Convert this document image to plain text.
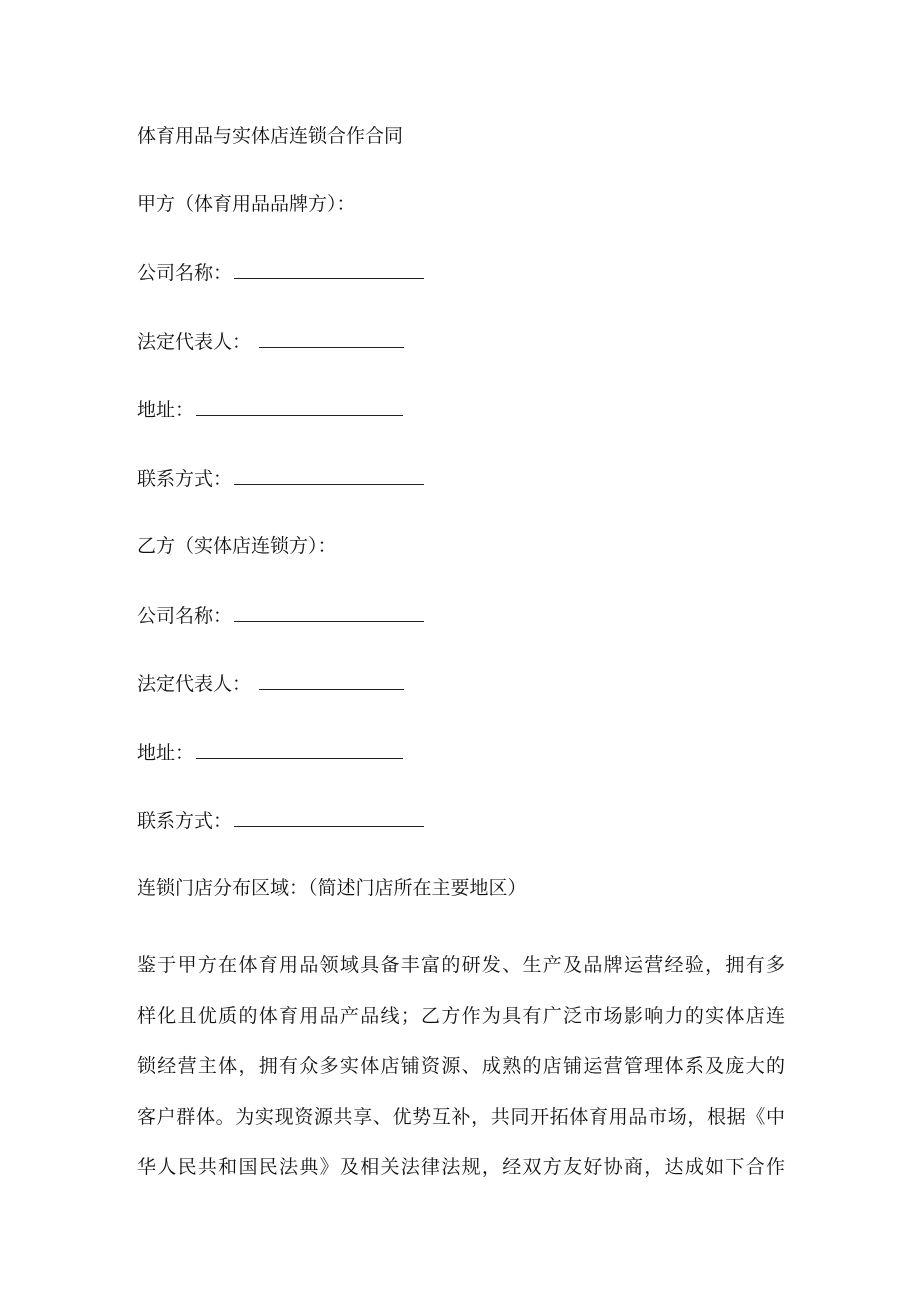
体育用品与实体店连锁合作合同
甲方（体育用品品牌方）：
公司名称：
法定代表人：
地址：
联系方式：
乙方（实体店连锁方）：
公司名称：
法定代表人：
地址：
联系方式：
连锁门店分布区域：（简述门店所在主要地区）
鉴于甲方在体育用品领域具备丰富的研发、生产及品牌运营经验，拥有多
样化且优质的体育用品产品线；乙方作为具有广泛市场影响力的实体店连
锁经营主体，拥有众多实体店铺资源、成熟的店铺运营管理体系及庞大的
客户群体。为实现资源共享、优势互补，共同开拓体育用品市场，根据《中
华人民共和国民法典》及相关法律法规，经双方友好协商，达成如下合作
